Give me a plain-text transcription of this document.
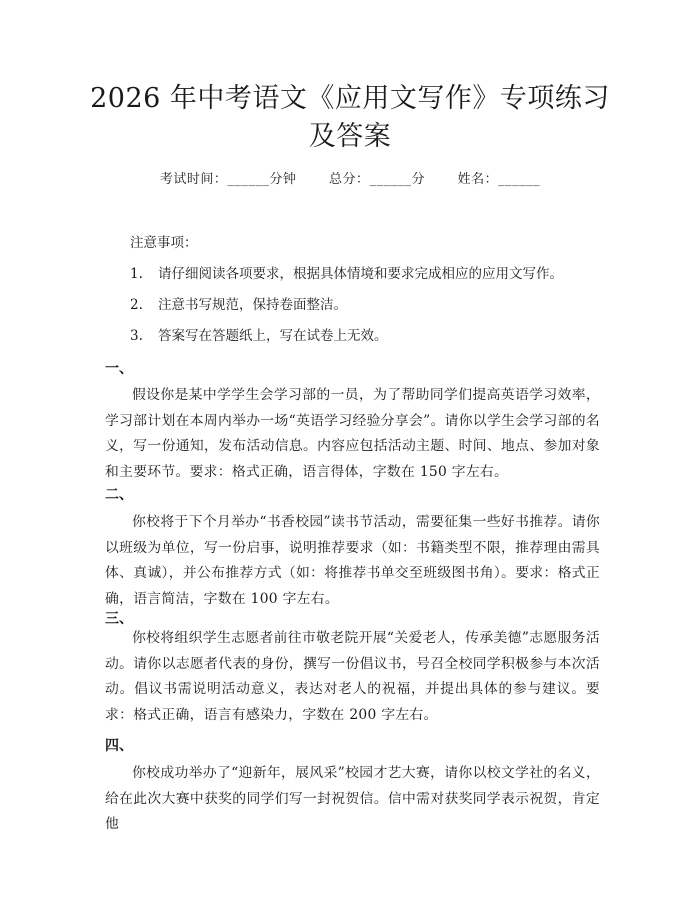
2026 年中考语文《应用文写作》专项练习及答案
考试时间：______分钟	总分：______分	姓名：______
注意事项：
1. 请仔细阅读各项要求，根据具体情境和要求完成相应的应用文写作。
2. 注意书写规范，保持卷面整洁。
3. 答案写在答题纸上，写在试卷上无效。
一、
假设你是某中学学生会学习部的一员，为了帮助同学们提高英语学习效率，学习部计划在本周内举办一场“英语学习经验分享会”。请你以学生会学习部的名义，写一份通知，发布活动信息。内容应包括活动主题、时间、地点、参加对象和主要环节。要求：格式正确，语言得体，字数在 150 字左右。
二、
你校将于下个月举办“书香校园”读书节活动，需要征集一些好书推荐。请你以班级为单位，写一份启事，说明推荐要求（如：书籍类型不限，推荐理由需具体、真诚），并公布推荐方式（如：将推荐书单交至班级图书角）。要求：格式正确，语言简洁，字数在 100 字左右。
三、
你校将组织学生志愿者前往市敬老院开展“关爱老人，传承美德”志愿服务活动。请你以志愿者代表的身份，撰写一份倡议书，号召全校同学积极参与本次活动。倡议书需说明活动意义，表达对老人的祝福，并提出具体的参与建议。要求：格式正确，语言有感染力，字数在 200 字左右。
四、
你校成功举办了“迎新年，展风采”校园才艺大赛，请你以校文学社的名义，给在此次大赛中获奖的同学们写一封祝贺信。信中需对获奖同学表示祝贺，肯定他
